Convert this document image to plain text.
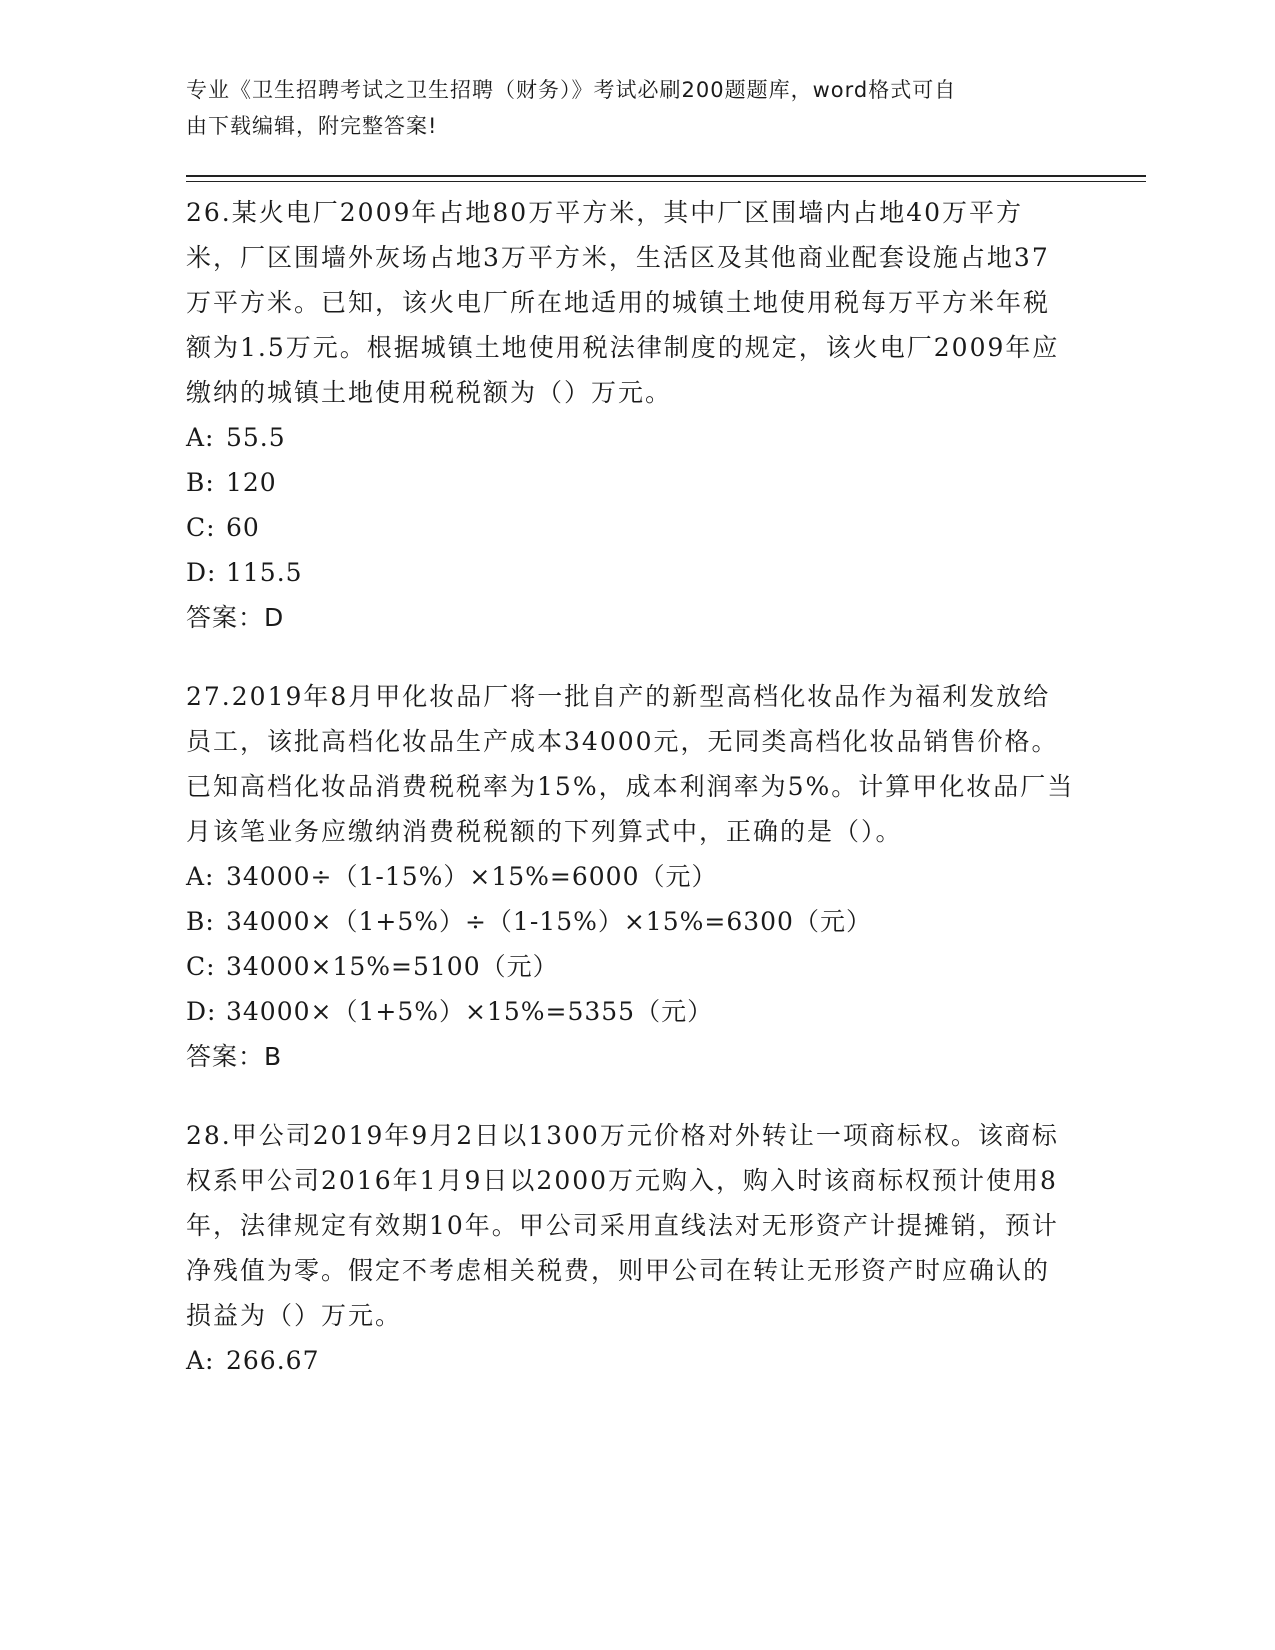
专业《卫生招聘考试之卫生招聘（财务）》考试必刷200题题库，word格式可自
由下载编辑，附完整答案!

26.某火电厂2009年占地80万平方米，其中厂区围墙内占地40万平方米，厂区围墙外灰场占地3万平方米，生活区及其他商业配套设施占地37万平方米。已知，该火电厂所在地适用的城镇土地使用税每万平方米年税额为1.5万元。根据城镇土地使用税法律制度的规定，该火电厂2009年应缴纳的城镇土地使用税税额为（）万元。

A: 55.5

B: 120

C: 60

D: 115.5

答案：D

27.2019年8月甲化妆品厂将一批自产的新型高档化妆品作为福利发放给员工，该批高档化妆品生产成本34000元，无同类高档化妆品销售价格。已知高档化妆品消费税税率为15%，成本利润率为5%。计算甲化妆品厂当月该笔业务应缴纳消费税税额的下列算式中，正确的是（）。

A: 34000÷（1-15%）×15%=6000（元）

B: 34000×（1+5%）÷（1-15%）×15%=6300（元）

C: 34000×15%=5100（元）

D: 34000×（1+5%）×15%=5355（元）

答案：B

28.甲公司2019年9月2日以1300万元价格对外转让一项商标权。该商标权系甲公司2016年1月9日以2000万元购入，购入时该商标权预计使用8年，法律规定有效期10年。甲公司采用直线法对无形资产计提摊销，预计净残值为零。假定不考虑相关税费，则甲公司在转让无形资产时应确认的损益为（）万元。

A: 266.67
